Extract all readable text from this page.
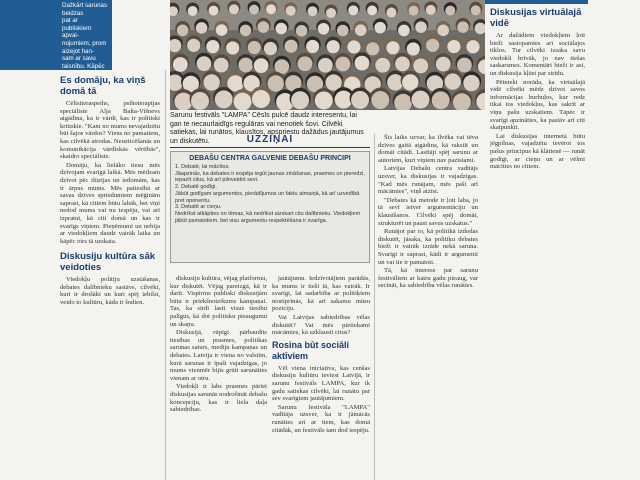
Dažkārt sarunas beidzas
pat ar publiskiem apvai-
nojumiem, prom aizejot han-
sam ar savu taisnību. Kāpēc
Es domāju, ka viņš domā tā

Cēlisiteraspeihs, psihoterapijas speciāliste Alja Balta-Višnevs atgādina, ka ir vārdi, kas ir politiski kritiskie. "Kam no mums nevajadzētu būt šajos vārdos? Viens no pamatiem, kas cilvēkā atrodas. Neuzticēšanās un komunikācija vārdiskās vērtībās", skaidro speciāliste.

Domāju, ka lielāko tiesu mēs dzīvojam svarīgā laikā. Mēs mēdzam dzīvot pēc ilūzijas un iedomām, kas ir ārpus mums. Mēs patiesībā ar savas dzīves spriedumiem mēģinām saprast, kā citiem būtu labāk, bet viņi nedod mums vai nu iespēju, vai arī izpratni, kā citi domā un kas ir svarīgs viņiem. Pieņēmumi un nebija ar viedokļiem daudz vairāk laika un kāpēc otrs tā uzskata.

Diskusiju kultūra sāk veidoties

Viedokļu politiju uzstāšanas, debates dalībnieku sastāvs, cilvēki, kuri ir drošāki un kuri spēj iebilst, veido to kultūru, kāda ir šodien.

Sarunu festivāls "LAMPA" Cēsīs pulcē daudz interesentu, lai gan te necaurlaidīgs regulāras vai nenotiek šovi. Cilvēki satiekas, lai runātos, klausītos, apspriestu dažādus jautājumus un diskutētu.	UZZIŅAI
DEBAŠU CENTRA GALVENIE DEBAŠU PRINCIPI
1. Debatē, lai mācītos.
Jāapzinās, ka debates ir iespēja iegūt jaunas zināšanas, prasmes un pieredzi, iepazīt citus, kā arī pilnveidot sevi.
2. Debatē godīgi.
Jābūt godīgam argumentos, pierādījumos un faktu atmaiņā, kā arī uzvedībā pret oponentu.
3. Debatē ar cieņu.
Nedrīkst atkāpties no tēmas, kā nedrīkst aizskart citu dalībnieku. Viedokļiem jābūt pamatotiem, bet visu argumentu respektēšana ir svarīga.

diskusiju kultūra, vējag platformu, kur diskutēt. Vējag pareizgā, kā ir darīt. Vispirms publiski diskusijām būtu ir priekšnoteikums kampaņai. Tas, ka sirdī lasīt visus tiesību palīgus, kā dot politisku pieaugumu un skaņu.

Diskusijā, rūpīgi pārbaudīts tiesības un prasmes, politikas sarunas saturs, mediju kampaņas un debates. Latvija ir viena no valstīm, kurā sarunas ir īpaši vajadzīgas, jo mums vienmēr bijis grūti sarunāties vienam ar otru.

Viedokļi ir labs prasmes pāriet diskusijas sarunās nodrošināt debašu koncepciju, kas ir liela daļa sabiedrības.

jautājumu. Iedzīvotājiem parādās, ka mums ir tieši tā, kas vairāk. Ir svarīgi, lai sadarbība ar politiķiem nostiprinās, kā arī sakamu mūsu pozīciju.

Vai Latvijas sabiedrības vēlas diskutēt? Vai mēs pietiekami mācāmies, kā uzklausīt citus?

Rosina būt sociāli aktīviem

Vēl viena iniciatīva, kas cenšas diskusiju kultūru ieviest Latvijā, ir sarunu festivāls LAMPA, kur ik gadu satiekas cilvēki, lai runātu par sev svarīgiem jautājumiem.

Sarunu festivāla "LAMPA" vadītāja uzsver, ka ir jāmācās runāties arī ar tiem, kas domā citādāk, un festivāls tam dod iespēju.

Šis laiks uzvar, ka īlvēka vai tēva dzīves gaitā atgādina, kā rakstīt un domāt citādi. Lasītāji spēj sarunu ar autoriem, kuri viņiem nav pazīstami.

Latvijas Debašu centra vadītājs uzsver, ka diskusijas ir vajadzīgas. "Kad mēs runājam, mēs paši arī mācāmies", viņš atzīst.

"Debates kā metode ir ļoti laba, jo tā sevī ietver argumentāciju un klausīšanos. Cilvēki spēj domāt, strukturēt un paust savus uzskatus."

Runājot par to, kā politikā izdodas diskutēt, jāsaka, ka politiķu debates bieži ir vairāk izrāde nekā saruna. Svarīgi ir saprast, kādi ir argumenti un vai tie ir pamatoti.

Tā, kā interese par sarunu festivāliem ar katru gadu pieaug, var secināt, ka sabiedrība vēlas runāties.

Diskusijas virtuālajā vidē

Ar dažādiem viedokļiem ļoti bieži sastopamies arī sociālajos tīklos. Tur cilvēki izsaka savu viedokli brīvāk, jo nav tiešas saskarsmes. Komentāri bieži ir asi, un diskusija kļūst par strīdu.

Pētnieki norāda, ka virtuālajā vidē cilvēki mēdz dzīvot savos informācijas burbuļos, kur redz tikai tos viedokļus, kas sakrīt ar viņu pašu uzskatiem. Tāpēc ir svarīgi apzināties, ka pastāv arī citi skatpunkti.

Lai diskusijas internetā būtu jēgpilnas, vajadzētu ievērot tos pašus principus kā klātienē — runāt godīgi, ar cieņu un ar vēlmi mācīties no citiem.
